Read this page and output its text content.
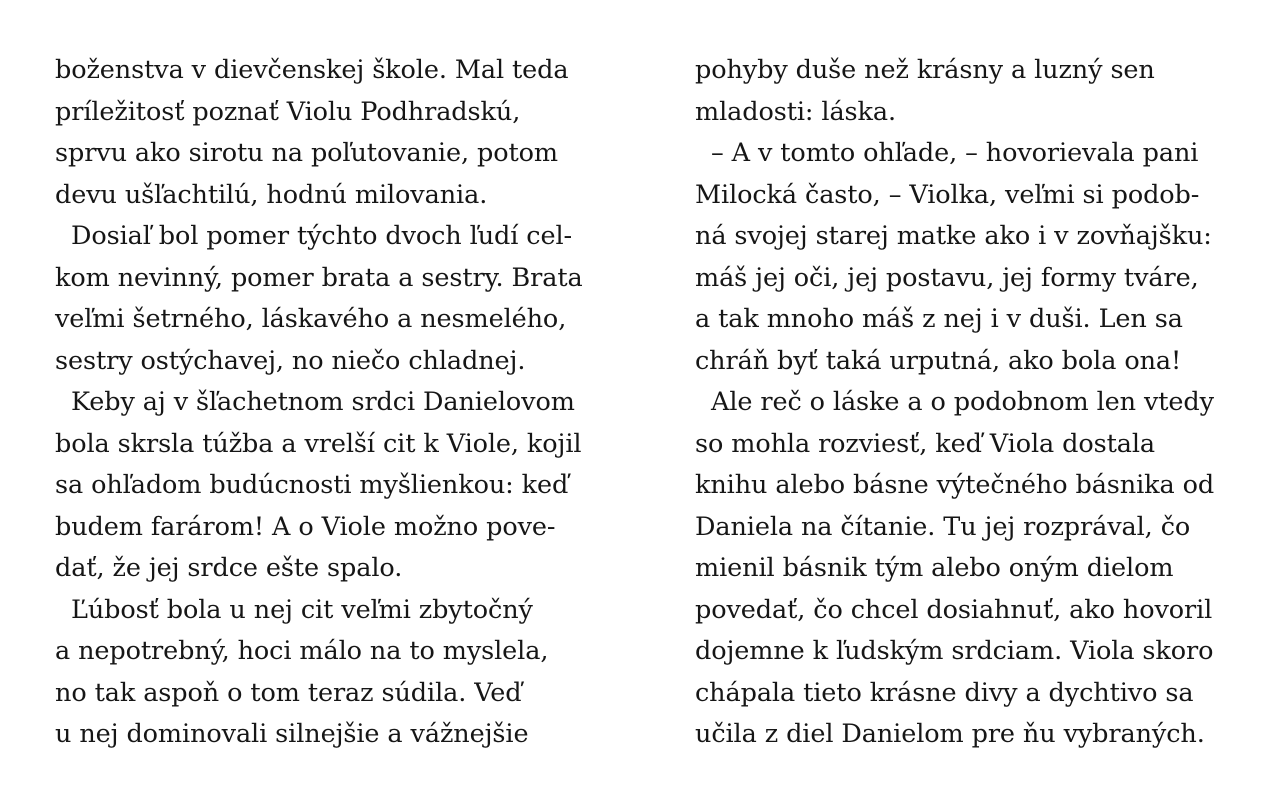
boženstva v dievčenskej škole. Mal teda
príležitosť poznať Violu Podhradskú,
sprvu ako sirotu na poľutovanie, potom
devu ušľachtilú, hodnú milovania.
Dosiaľ bol pomer týchto dvoch ľudí cel-
kom nevinný, pomer brata a sestry. Brata
veľmi šetrného, láskavého a nesmelého,
sestry ostýchavej, no niečo chladnej.
Keby aj v šľachetnom srdci Danielovom
bola skrsla túžba a vrelší cit k Viole, kojil
sa ohľadom budúcnosti myšlienkou: keď
budem farárom! A o Viole možno pove-
dať, že jej srdce ešte spalo.
Ľúbosť bola u nej cit veľmi zbytočný
a nepotrebný, hoci málo na to myslela,
no tak aspoň o tom teraz súdila. Veď
u nej dominovali silnejšie a vážnejšie
pohyby duše než krásny a luzný sen
mladosti: láska.
– A v tomto ohľade, – hovorievala pani
Milocká často, – Violka, veľmi si podob-
ná svojej starej matke ako i v zovňajšku:
máš jej oči, jej postavu, jej formy tváre,
a tak mnoho máš z nej i v duši. Len sa
chráň byť taká urputná, ako bola ona!
Ale reč o láske a o podobnom len vtedy
so mohla rozviesť, keď Viola dostala
knihu alebo básne výtečného básnika od
Daniela na čítanie. Tu jej rozprával, čo
mienil básnik tým alebo oným dielom
povedať, čo chcel dosiahnuť, ako hovoril
dojemne k ľudským srdciam. Viola skoro
chápala tieto krásne divy a dychtivo sa
učila z diel Danielom pre ňu vybraných.
